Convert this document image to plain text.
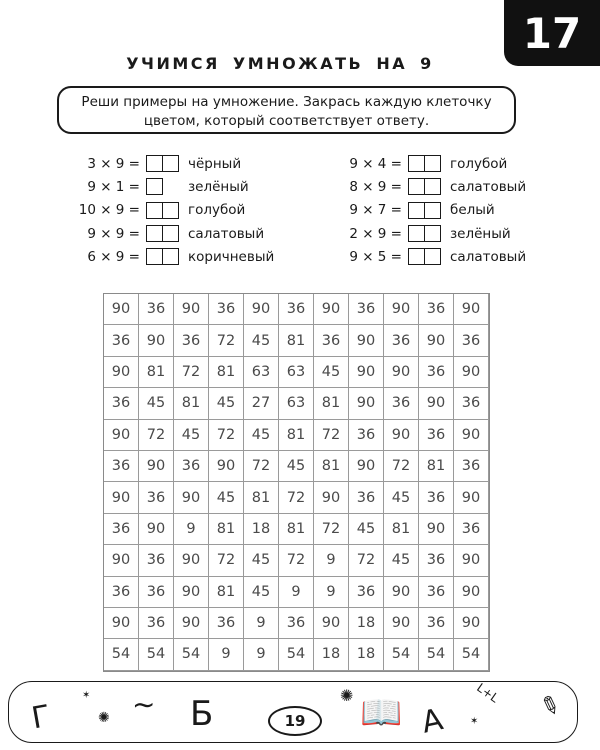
17
УЧИМСЯ УМНОЖАТЬ НА 9
Реши примеры на умножение. Закрась каждую клеточку
цветом, который соответствует ответу.
3 × 9 =	чёрный
9 × 1 =	зелёный
10 × 9 =	голубой
9 × 9 =	салатовый
6 × 9 =	коричневый
9 × 4 =	голубой
8 × 9 =	салатовый
9 × 7 =	белый
2 × 9 =	зелёный
9 × 5 =	салатовый
90	36	90	36	90	36	90	36	90	36	90
36	90	36	72	45	81	36	90	36	90	36
90	81	72	81	63	63	45	90	90	36	90
36	45	81	45	27	63	81	90	36	90	36
90	72	45	72	45	81	72	36	90	36	90
36	90	36	90	72	45	81	90	72	81	36
90	36	90	45	81	72	90	36	45	36	90
36	90	9	81	18	81	72	45	81	90	36
90	36	90	72	45	72	9	72	45	36	90
36	36	90	81	45	9	9	36	90	36	90
90	36	90	36	9	36	90	18	90	36	90
54	54	54	9	9	54	18	18	54	54	54
Г	✺
✶ ∼ Б	✺ 📖 А
L+L
✶ ✎
19
